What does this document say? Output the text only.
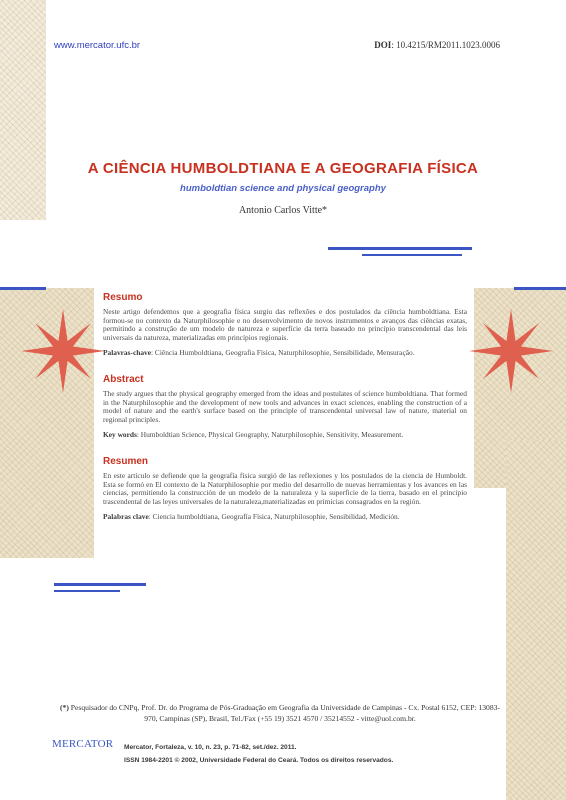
www.mercator.ufc.br	DOI: 10.4215/RM2011.1023.0006
A CIÊNCIA HUMBOLDTIANA E A GEOGRAFIA FÍSICA
humboldtian science and physical geography
Antonio Carlos Vitte*
Resumo
Neste artigo defendemos que a geografia física surgiu das reflexões e dos postulados da ciência humboldtiana. Esta formou-se no contexto da Naturphilosophie e no desenvolvimento de novos instrumentos e avanços das ciências exatas, permitindo a construção de um modelo de natureza e superfície da terra baseado no princípio transcendental das leis universais da natureza, materializadas em princípios regionais.
Palavras-chave: Ciência Humboldtiana, Geografia Física, Naturphilosophie, Sensibilidade, Mensuração.
Abstract
The study argues that the physical geography emerged from the ideas and postulates of science humboldtiana. That formed in the Naturphilosophie and the development of new tools and advances in exact sciences, enabling the construction of a model of nature and the earth's surface based on the principle of transcendental universal law of nature, material on regional principles.
Key words: Humboldtian Science, Physical Geography, Naturphilosophie, Sensitivity, Measurement.
Resumen
En este artículo se defiende que la geografía física surgió de las reflexiones y los postulados de la ciencia de Humboldt. Esta se formó en El contexto de la Naturphilosophie por medio del desarrollo de nuevas herramientas y los avances en las ciencias, permitiendo la construcción de un modelo de la naturaleza y la superficie de la tierra, basado en el principio trascendental de las leyes universales de la naturaleza,materializadas en primicias consagrados en la región.
Palabras clave: Ciencia humboldtiana, Geografía Física, Naturphilosophie, Sensibilidad, Medición.
(*) Pesquisador do CNPq, Prof. Dr. do Programa de Pós-Graduação em Geografia da Universidade de Campinas - Cx. Postal 6152, CEP: 13083-970, Campinas (SP), Brasil, Tel./Fax (+55 19) 3521 4570 / 35214552 - vitte@uol.com.br.
MERCATOR Mercator, Fortaleza, v. 10, n. 23, p. 71-82, set./dez. 2011.
ISSN 1984-2201 © 2002, Universidade Federal do Ceará. Todos os direitos reservados.
